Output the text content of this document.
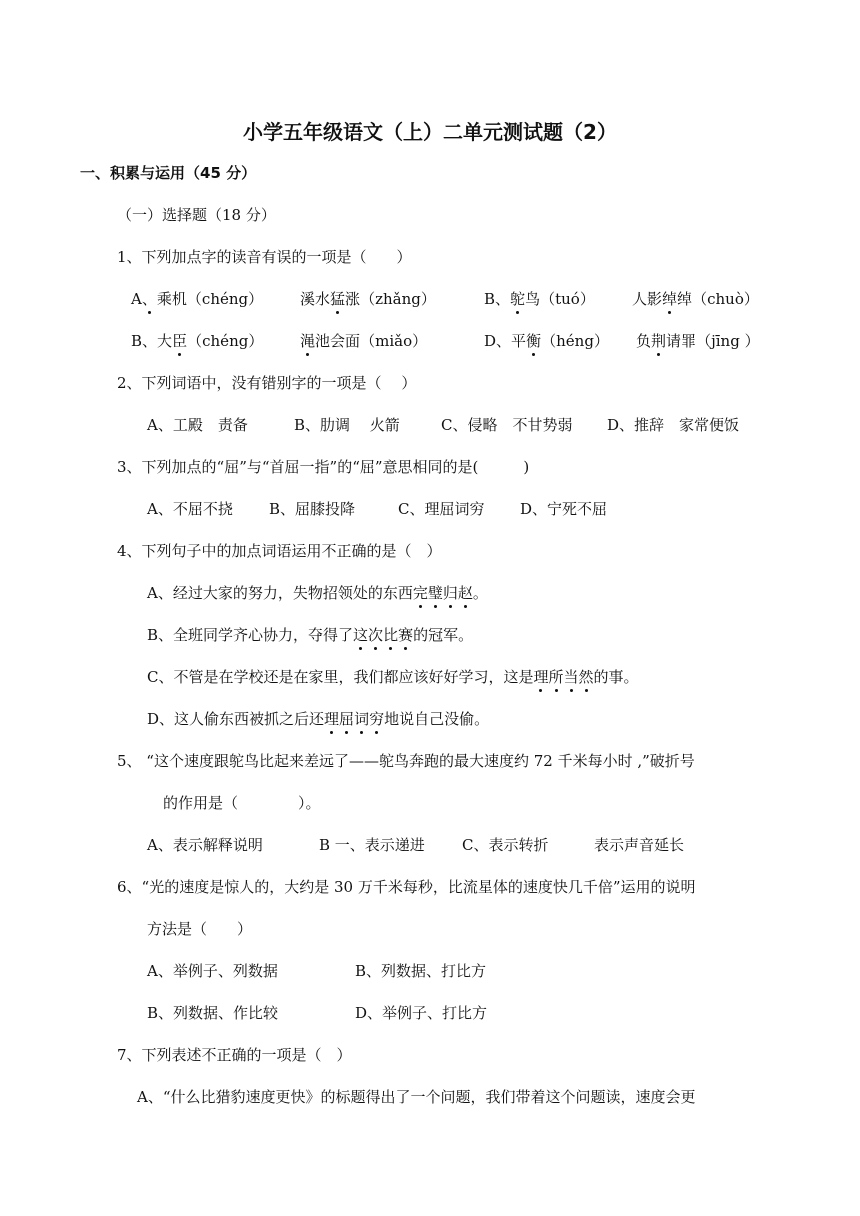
小学五年级语文（上）二单元测试题（2）
一、积累与运用（45 分）
（一）选择题（18 分）
1、下列加点字的读音有误的一项是（　　）
A、乘机（chéng） 溪水猛涨（zhǎng）	B、鸵鸟（tuó） 人影绰绰（chuò）
B、大臣（chéng） 渑池会面（miǎo）	D、平衡（héng） 负荆请罪（jīng ）
2、下列词语中，没有错别字的一项是（　 ）
A、工殿　责备	B、肋调　 火箭	C、侵略　不甘势弱 D、推辞　家常便饭
3、下列加点的“屈”与“首屈一指”的“屈”意思相同的是(　　　)
A、不屈不挠 B、屈膝投降	C、理屈词穷 D、宁死不屈
4、下列句子中的加点词语运用不正确的是（　）
A、经过大家的努力，失物招领处的东西完璧归赵。
B、全班同学齐心协力，夺得了这次比赛的冠军。
C、不管是在学校还是在家里，我们都应该好好学习，这是理所当然的事。
D、这人偷东西被抓之后还理屈词穷地说自己没偷。
5、 “这个速度跟鸵鸟比起来差远了——鸵鸟奔跑的最大速度约 72 千米每小时 ,”破折号
的作用是（　　　　）。
A、表示解释说明	B 一、表示递进 C、表示转折	表示声音延长
6、“光的速度是惊人的，大约是 30 万千米每秒，比流星体的速度快几千倍”运用的说明
方法是（　　）
A、举例子、列数据	B、列数据、打比方
B、列数据、作比较	D、举例子、打比方
7、下列表述不正确的一项是（　）
A、“什么比猎豹速度更快》的标题得出了一个问题，我们带着这个问题读，速度会更
